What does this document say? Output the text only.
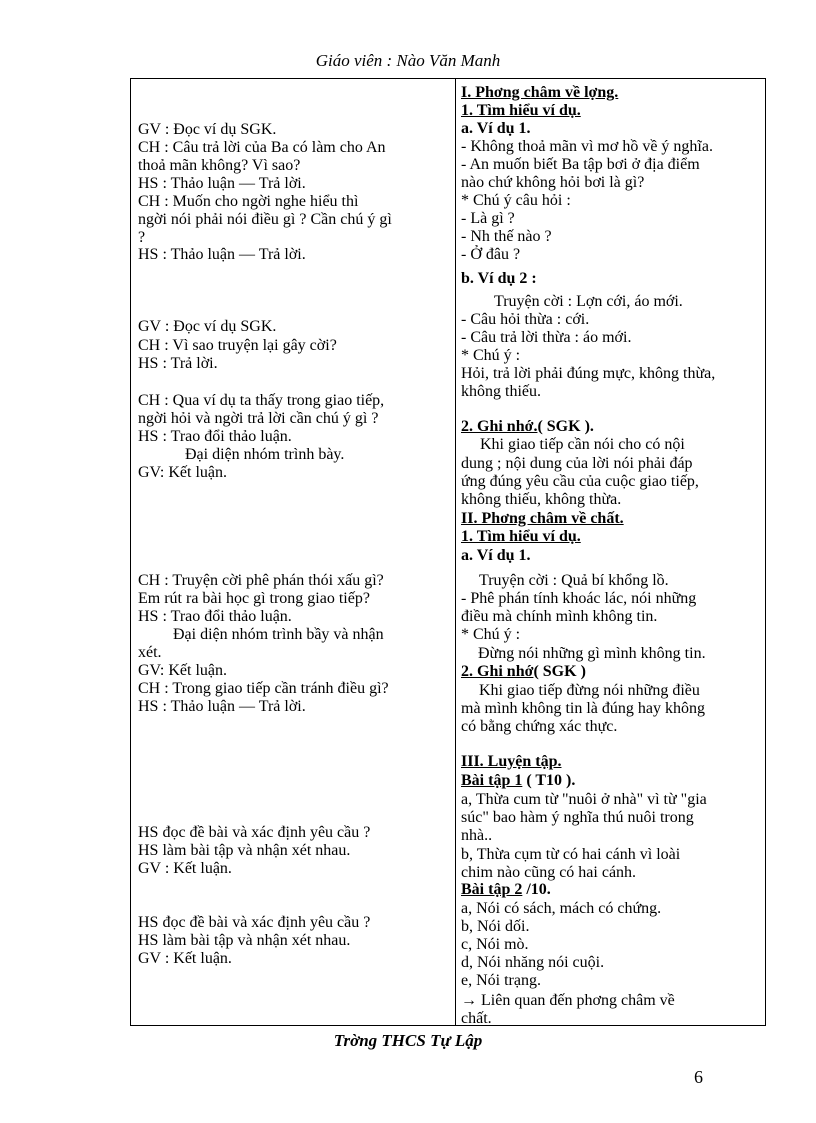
Giáo viên : Nào Văn Manh
GV : Đọc ví dụ SGK.
CH : Câu trả lời của Ba có làm cho An
thoả mãn không? Vì sao?
HS : Thảo luận — Trả lời.
CH : Muốn cho ngời nghe hiểu thì
ngời nói phải nói điều gì ? Cần chú ý gì
?
HS : Thảo luận — Trả lời.
GV : Đọc ví dụ SGK.
CH : Vì sao truyện lại gây cời?
HS : Trả lời.
CH : Qua ví dụ ta thấy trong giao tiếp,
ngời hỏi và ngời trả lời cần chú ý gì ?
HS : Trao đổi thảo luận.
Đại diện nhóm trình bày.
GV: Kết luận.
CH : Truyện cời phê phán thói xấu gì?
Em rút ra bài học gì trong giao tiếp?
HS : Trao đổi thảo luận.
Đại diện nhóm trình bầy và nhận
xét.
GV: Kết luận.
CH : Trong giao tiếp cần tránh điều gì?
HS : Thảo luận — Trả lời.
HS đọc đề bài và xác định yêu cầu ?
HS làm bài tập và nhận xét nhau.
GV : Kết luận.
HS đọc đề bài và xác định yêu cầu ?
HS làm bài tập và nhận xét nhau.
GV : Kết luận.
I. Phơng châm về lợng.
1. Tìm hiểu ví dụ.
a. Ví dụ 1.
- Không thoả mãn vì mơ hồ về ý nghĩa.
- An muốn biết Ba tập bơi ở địa điểm
nào chứ không hỏi bơi là gì?
* Chú ý câu hỏi :
- Là gì ?
- Nh thế nào ?
- Ở đâu ?
b. Ví dụ 2 :
Truyện cời : Lợn cới, áo mới.
- Câu hỏi thừa : cới.
- Câu trả lời thừa : áo mới.
* Chú ý :
Hỏi, trả lời phải đúng mực, không thừa,
không thiếu.
2. Ghi nhớ.( SGK ).
Khi giao tiếp cần nói cho có nội
dung ; nội dung của lời nói phải đáp
ứng đúng yêu cầu của cuộc giao tiếp,
không thiếu, không thừa.
II. Phơng châm về chất.
1. Tìm hiểu ví dụ.
a. Ví dụ 1.
Truyện cời : Quả bí khổng lồ.
- Phê phán tính khoác lác, nói những
điều mà chính mình không tin.
* Chú ý :
Đừng nói những gì mình không tin.
2. Ghi nhớ( SGK )
Khi giao tiếp đừng nói những điều
mà mình không tin là đúng hay không
có bằng chứng xác thực.
III. Luyện tập.
Bài tập 1 ( T10 ).
a, Thừa cum từ "nuôi ở nhà" vì từ "gia
súc" bao hàm ý nghĩa thú nuôi trong
nhà..
b, Thừa cụm từ có hai cánh vì loài
chim nào cũng có hai cánh.
Bài tập 2 /10.
a, Nói có sách, mách có chứng.
b, Nói dối.
c, Nói mò.
d, Nói nhăng nói cuội.
e, Nói trạng.
→ Liên quan đến phơng châm về
chất.
Trờng THCS Tự Lập
6
